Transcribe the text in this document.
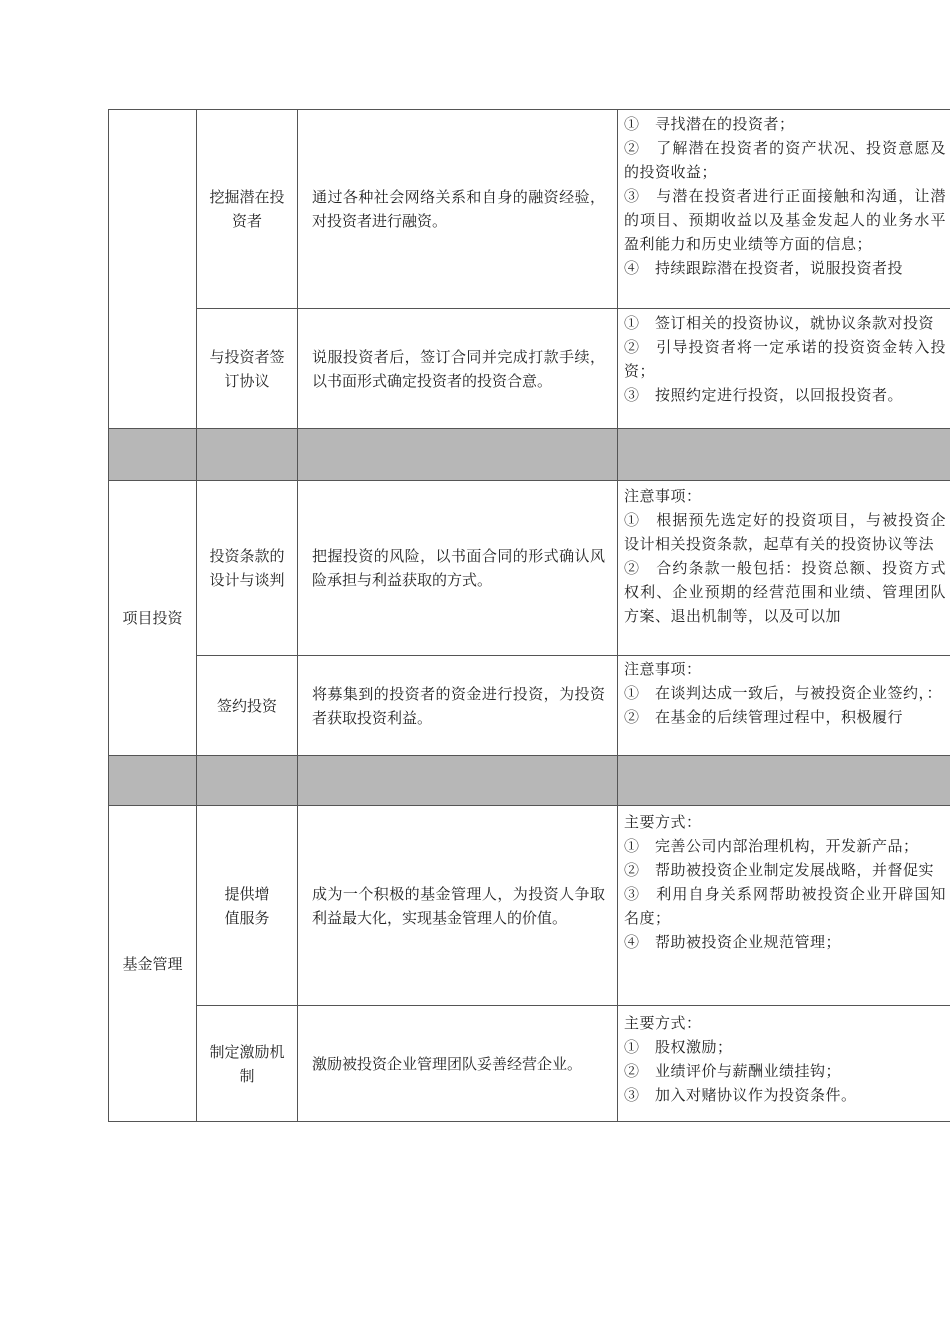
	挖掘潜在投资者	通过各种社会网络关系和自身的融资经验，对投资者进行融资。	①　寻找潜在的投资者；
②　了解潜在投资者的资产状况、投资意愿及的投资收益；
③　与潜在投资者进行正面接触和沟通，让潜的项目、预期收益以及基金发起人的业务水平盈利能力和历史业绩等方面的信息；
④　持续跟踪潜在投资者，说服投资者投

	与投资者签订协议	说服投资者后，签订合同并完成打款手续，以书面形式确定投资者的投资合意。	①　签订相关的投资协议，就协议条款对投资
②　引导投资者将一定承诺的投资资金转入投资；
③　按照约定进行投资，以回报投资者。

项目投资	投资条款的设计与谈判	把握投资的风险，以书面合同的形式确认风险承担与利益获取的方式。	注意事项：
①　根据预先选定好的投资项目，与被投资企设计相关投资条款，起草有关的投资协议等法
②　合约条款一般包括：投资总额、投资方式权利、企业预期的经营范围和业绩、管理团队方案、退出机制等，以及可以加

	签约投资	将募集到的投资者的资金进行投资，为投资者获取投资利益。	注意事项：
①　在谈判达成一致后，与被投资企业签约，：
②　在基金的后续管理过程中，积极履行

基金管理	提供增值服务	成为一个积极的基金管理人，为投资人争取利益最大化，实现基金管理人的价值。	主要方式：
①　完善公司内部治理机构，开发新产品；
②　帮助被投资企业制定发展战略，并督促实
③　利用自身关系网帮助被投资企业开辟国知名度；
④　帮助被投资企业规范管理；

	制定激励机制	激励被投资企业管理团队妥善经营企业。	主要方式：
①　股权激励；
②　业绩评价与薪酬业绩挂钩；
③　加入对赌协议作为投资条件。
